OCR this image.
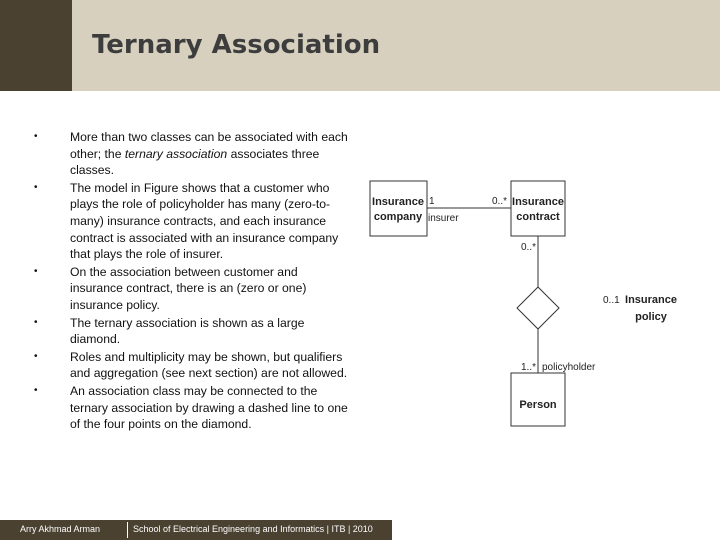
Ternary Association
•	More than two classes can be associated with each other; the ternary association associates three classes.
•	The model in Figure shows that a customer who plays the role of policyholder has many (zero-to-many) insurance contracts, and each insurance contract is associated with an insurance company that plays the role of insurer.
•	On the association between customer and insurance contract, there is an (zero or one) insurance policy.
•	The ternary association is shown as a large diamond.
•	Roles and multiplicity may be shown, but qualifiers and aggregation (see next section) are not allowed.
•	An association class may be connected to the ternary association by drawing a dashed line to one of the four points on the diamond.
Insurance
company
Insurance
contract
1
insurer
0..*
0..*
0..1 Insurance
policy
1..* policyholder
Person
Arry Akhmad Arman	School of Electrical Engineering and Informatics | ITB | 2010
